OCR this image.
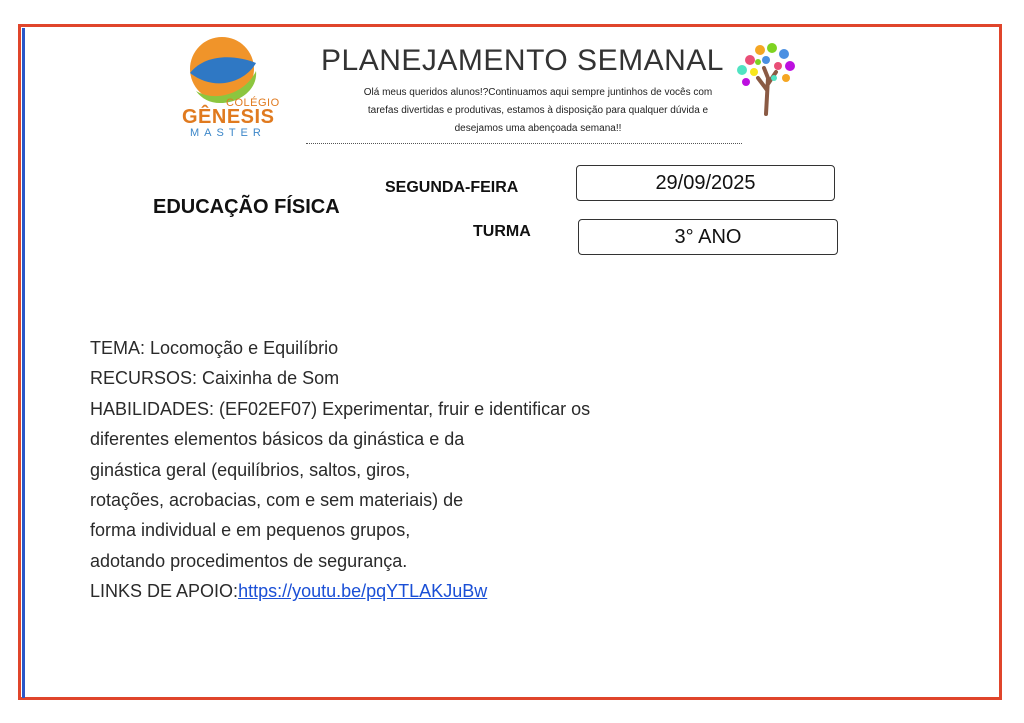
COLÉGIO
GÊNESIS
MASTER
PLANEJAMENTO SEMANAL
Olá meus queridos alunos!?Continuamos aqui sempre juntinhos de vocês com
tarefas divertidas e produtivas, estamos à disposição para qualquer dúvida e
desejamos uma abençoada semana!!
EDUCAÇÃO FÍSICA
SEGUNDA-FEIRA	29/09/2025
TURMA	3° ANO
TEMA: Locomoção e Equilíbrio
RECURSOS: Caixinha de Som
HABILIDADES: (EF02EF07) Experimentar, fruir e identificar os
diferentes elementos básicos da ginástica e da
ginástica geral (equilíbrios, saltos, giros,
rotações, acrobacias, com e sem materiais) de
forma individual e em pequenos grupos,
adotando procedimentos de segurança.
LINKS DE APOIO:https://youtu.be/pqYTLAKJuBw
